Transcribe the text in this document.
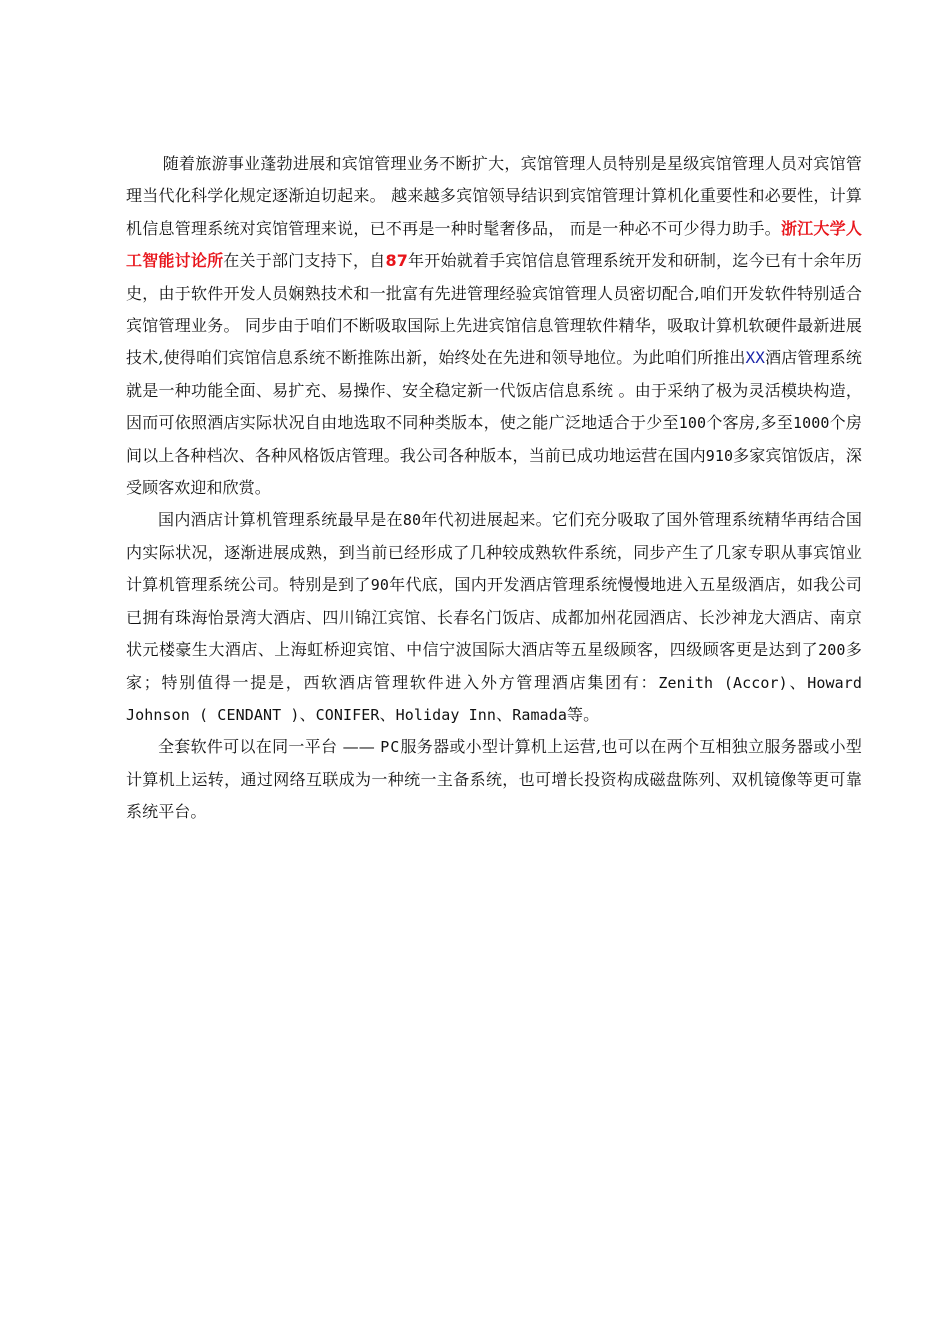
随着旅游事业蓬勃进展和宾馆管理业务不断扩大，宾馆管理人员特别是星级宾馆管理人员对宾馆管理当代化科学化规定逐渐迫切起来。 越来越多宾馆领导结识到宾馆管理计算机化重要性和必要性，计算机信息管理系统对宾馆管理来说，已不再是一种时髦奢侈品， 而是一种必不可少得力助手。浙江大学人工智能讨论所在关于部门支持下，自87年开始就着手宾馆信息管理系统开发和研制，迄今已有十余年历史，由于软件开发人员娴熟技术和一批富有先进管理经验宾馆管理人员密切配合,咱们开发软件特别适合宾馆管理业务。 同步由于咱们不断吸取国际上先进宾馆信息管理软件精华，吸取计算机软硬件最新进展技术,使得咱们宾馆信息系统不断推陈出新，始终处在先进和领导地位。为此咱们所推出XX酒店管理系统就是一种功能全面、易扩充、易操作、安全稳定新一代饭店信息系统 。由于采纳了极为灵活模块构造，因而可依照酒店实际状况自由地选取不同种类版本，使之能广泛地适合于少至100个客房,多至1000个房间以上各种档次、各种风格饭店管理。我公司各种版本，当前已成功地运营在国内910多家宾馆饭店，深受顾客欢迎和欣赏。

国内酒店计算机管理系统最早是在80年代初进展起来。它们充分吸取了国外管理系统精华再结合国内实际状况，逐渐进展成熟，到当前已经形成了几种较成熟软件系统，同步产生了几家专职从事宾馆业计算机管理系统公司。特别是到了90年代底，国内开发酒店管理系统慢慢地进入五星级酒店，如我公司已拥有珠海怡景湾大酒店、四川锦江宾馆、长春名门饭店、成都加州花园酒店、长沙神龙大酒店、南京状元楼豪生大酒店、上海虹桥迎宾馆、中信宁波国际大酒店等五星级顾客，四级顾客更是达到了200多家；特别值得一提是，西软酒店管理软件进入外方管理酒店集团有：Zenith (Accor)、Howard Johnson ( CENDANT )、CONIFER、Holiday Inn、Ramada等。

全套软件可以在同一平台 —— PC服务器或小型计算机上运营,也可以在两个互相独立服务器或小型计算机上运转，通过网络互联成为一种统一主备系统，也可增长投资构成磁盘陈列、双机镜像等更可靠系统平台。
